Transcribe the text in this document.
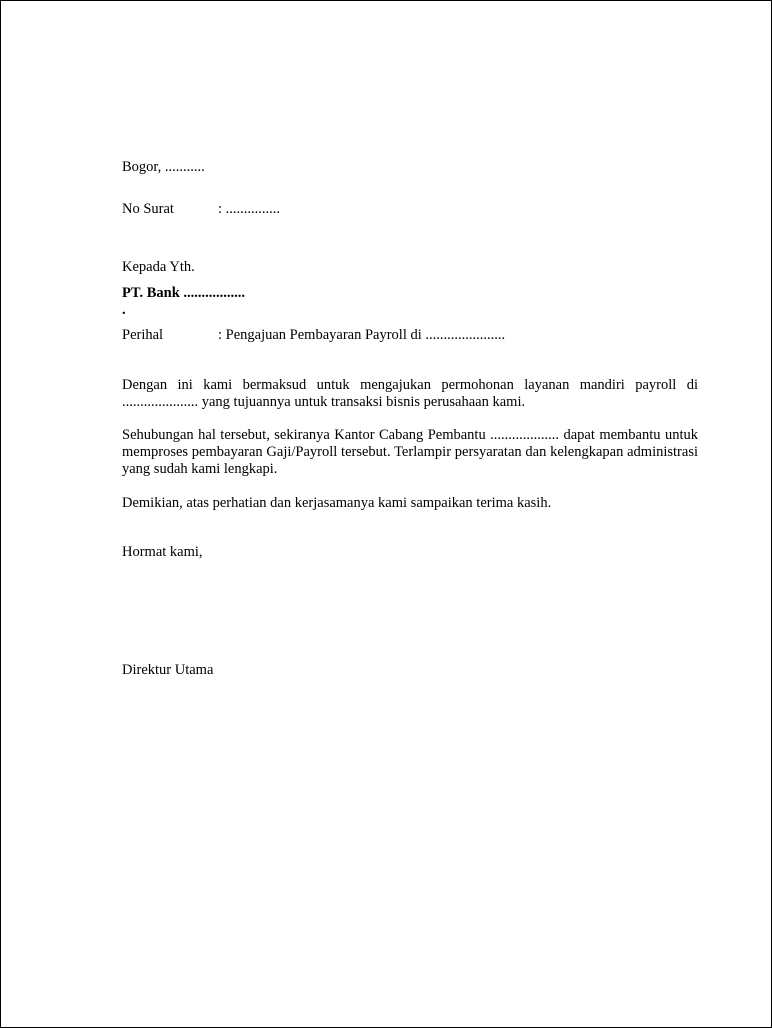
Bogor, ...........
No Surat	: ...............
Kepada Yth.
PT. Bank .................
.
Perihal	: Pengajuan Pembayaran Payroll di ......................
Dengan ini kami bermaksud untuk mengajukan permohonan layanan mandiri payroll di ..................... yang tujuannya untuk transaksi bisnis perusahaan kami.
Sehubungan hal tersebut, sekiranya Kantor Cabang Pembantu ................... dapat membantu untuk memproses pembayaran Gaji/Payroll tersebut. Terlampir persyaratan dan kelengkapan administrasi yang sudah kami lengkapi.
Demikian, atas perhatian dan kerjasamanya kami sampaikan terima kasih.
Hormat kami,
Direktur Utama
